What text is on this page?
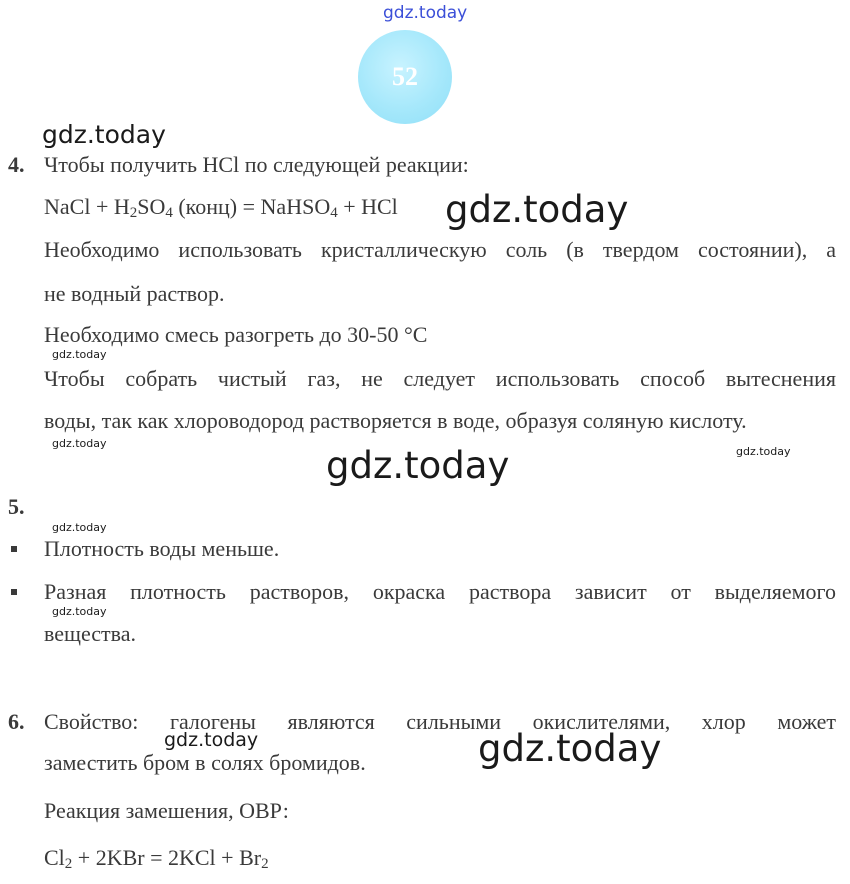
gdz.today
52
gdz.today
gdz.today
gdz.today
gdz.today
gdz.today	gdz.today
gdz.today
gdz.today
gdz.today	gdz.today
4. Чтобы получить HCl по следующей реакции:
NaCl + $H_2SO_4$ (конц) = NaHSO$_4$ + HCl
Необходимо использовать кристаллическую соль (в твердом состоянии), а
не водный раствор.
Необходимо смесь разогреть до 30-50 °С
Чтобы собрать чистый газ, не следует использовать способ вытеснения
воды, так как хлороводород растворяется в воде, образуя соляную кислоту.
5.
Плотность воды меньше.
Разная плотность растворов, окраска раствора зависит от выделяемого
вещества.
6. Свойство: галогены являются сильными окислителями, хлор может
заместить бром в солях бромидов.
Реакция замешения, ОВР:
$Cl_2 + 2KBr = 2KCl + Br_2$
